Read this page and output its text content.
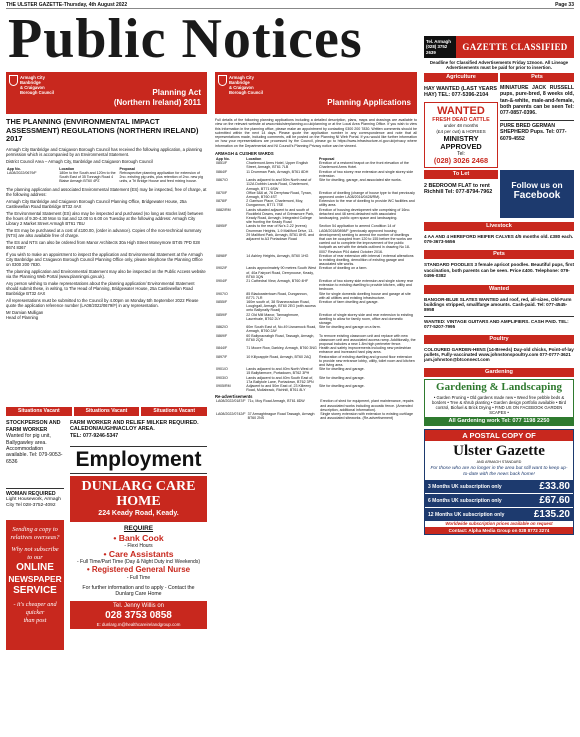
THE ULSTER GAZETTE-Thursday, 4th August 2022	Page 33
Public Notices
Armagh City
Banbridge
& Craigavon
Borough Council	Planning Act
(Northern Ireland) 2011
Armagh City
Banbridge
& Craigavon
Borough Council
Planning Applications
THE PLANNING (ENVIRONMENTAL IMPACT ASSESSMENT) REGULATIONS (NORTHERN IRELAND) 2017

Armagh City Banbridge and Craigavon Borough Council has received the following application, a planning permission which is accompanied by an Environmental Statement.

District Council Area – Armagh City, Banbridge and Craigavon Borough Council

App No.	Location	Proposal
LA08/2022/0679/F	180m to the South and 120m to the South East of 35 Tonnagh Road 4 Blaise Armagh BT60 4PZ	Retrospective planning application for extension of 2no. existing pig units, plus retention of 2no. new pig units, a Tri Bridge House and feed mixing house.

The planning application and associated Environmental Statement (ES) may be inspected, free of charge, at the following address:

Armagh City Banbridge and Craigavon Borough Council Planning Office, Bridgewater House, 25a Castlewellan Road Banbridge BT32 4AX

The Environmental Statement (ES) also may be inspected and purchased (so long as stocks last) between the hours of 9.30-4.30 Mon to Sat and 12.00 to 6.00 on Tuesday at the following address: Armagh City Library 2 Market Street Armagh BT61 7BU

The ES may be purchased at a cost of £100.00, (order in advance). Copies of the non-technical summary (NTS) are also available free of charge.

The ES and NTS can also be ordered from Manor Architects 30a High Street Moneymore BT45 7PD 028 8674 8367

If you wish to make an appointment to inspect the application and Environmental Statement at the Armagh City Banbridge and Craigavon Borough Council Planning Office only, please telephone the Planning Office on 0300 200 7830.

The planning application and Environmental Statement may also be inspected on the Public Access website via the Planning Web Portal (www.planningni.gov.uk).

Any person wishing to make representations about the planning application/ Environmental Statement should submit these, in writing, to The Head of Planning, Bridgewater House, 25a Castlewellan Road Banbridge BT32 4AX

All representations must be submitted to the Council by 4.00pm on Monday 5th September 2022 Please quote the application reference number (LA08/2022/0679/F) in any representation.

Mr Damian Mulligan

Head of Planning

Situations Vacant	Situations Vacant	Situations Vacant
STOCKPERSON AND FARM WORKER
Wanted for pig unit, Ballygawley area. Accommodation available. Tel: 079-9053-6536
WOMAN REQUIRED
Light Housework, Armagh City Tel 028-3752-4092
Sending a copy to
relatives overseas?
Why not subscribe
to our
ONLINE
NEWSPAPER
SERVICE
- it's cheaper and quicker
than post
FARM WORKER AND RELIEF MILKER REQUIRED. CALEDON/AUGHNACLOY AREA.
TEL: 077-9246-5347
Employment
DUNLARG CARE HOME
224 Keady Road, Keady.
REQUIRE
• Bank Cook
- Flexi Hours
• Care Assistants
- Full Time/Part Time (Day & Night Duty incl Weekends)
• Registered General Nurse
- Full Time
For further information and to apply - Contact the Dunlarg Care Home
Tel. Jenny Willis on
028 3753 0858
E: dunlarg.m@healthcareirelandgroup.com

Full details of the following planning applications including a detailed description, plans, maps and drawings are available to view on the relevant website at www.midulsterplanning.co.uk/planning or at the Local Area Planning Office. If you wish to view this information in the planning office, please make an appointment by contacting 0300 200 7830. Written comments should be submitted within the next 14 days. Please quote the application number in any correspondence and note that all representations made, including comments, will be posted on the Planning NI Web Portal. If you would like further information on how your representations are processed by the Council, please go to https://www.infrastructure-ni.gov.uk/privacy where information on the Departmental and NI Council's Planning Privacy notice can be viewed.

ARMAGH & CUSHER WARDS
App No.	Location	Proposal
0851/F	Charlemont Arms Hotel, Upper English Street, Armagh, BT61 7LB	Erection of a restored teapot on the front elevation of the Charlemont Arms Hotel.
0864/F	11 Drumman Park, Armagh, BT61 8DH	Erection of two storey rear extension and single storey side extension.
0867/O	Lands adjacent to and 50m North east of 112A Dobbin Lands Road, Charlemont, Armagh, BT71 6SW	Site for dwelling, garage, and associated site works.
0870/F	Office 5&6 at, 76 Derryhaw Road, Tynan, Armagh, BT60 4ST	Erection of dwelling (change of house type to that previously approved under LA08/2016/0428/RM).
0878/F	2 Garrison Place, Charlemont, Moy, Dungannon, BT71 7SE	Extension to the rear of dwelling to provide WC facilities and utility area.
0882/RM	Lands situated adjacent to and south of Rockfield Downs, east of Grimsmore Park, Keady Road, Armagh. Integrated College site fronting the Keady Road	Erection of housing development site comprising of 16no. detached and 48 semi-detached with associated landscaping, public open space and landscaping.
0895/F	Lands to the rear of No's 2-22 (evens) Drumman Heights, 1-9 Mallifont Drive, 13-29 Mallifont Park, Armagh, BT61 8HS. and adjacent to A3 Portadown Road	Section 54 application to amend Condition 14 of LA08/2018/0898/F (previously approved housing development) seeking to amend the number of dwellings that can be occupied from 120 to 155 before the works are carried out to complete the improvement of the public footpath as set with the details outlined in drawing No 18-0007 Revision P04 dated October 2016.
0898/F	14 Ashley Heights, Armagh, BT60 1HG	Erection of rear extension with internal / external alterations to existing dwelling, demolition of existing garage and associated site works.
0902/F	Lands approximately 90 metres South West of, 40a Fairport Road, Derrynoose, Keady, BT60 3QN	Erection of dwelling on a farm.
0904/F	21 Cathedral View, Armagh, BT60 4HF	Erection of two storey side extension and single storey rear extension to existing dwelling to provide kitchen, utility and bedroom.
0907/O	85 Blackwatertown Road, Dungannon, BT71 7LR	Site for single domestic dwelling house and garage at site with all utilities and existing infrastructure.
0855/F	160m south of, 38 Shanecrackan Road, Loughgall, Armagh, BT60 2EG (with access onto Ballynally Road)	Erection of farm dwelling and garage.
0859/F	22 Old Mill Manor, Tannaghmore, Laurelvale, BT62 2LY	Erection of single storey side and rear extension to existing dwelling to allow for family room, office and domestic storage.
0862/O	60m South East of, No.49 Lisnamock Road, Armagh, BT60 2AY	Site for dwelling and garage on a farm.
0869/F	60 Ballynacrabgh Road, Tassagh, Armagh, BT60 2QS	To remove existing classroom unit and replace with new classroom unit and associated access ramp. Additionally, the proposal includes a new 1.8m high perimeter fence.
0844/F	71 Moore Row, Darkley, Armagh, BT60 3NG	Health and safety improvements including new pedestrian entrance and increased hard play area.
0897/F	10 Killycapple Road, Armagh, BT60 2AQ	Restoration of existing dwelling and ground floor extension to provide new entrance lobby, utility, toilet room and kitchen and living area.
0901/O	Lands adjacent to and 40m North West of 15 Ballyfarmore, Portadown, BT62 3PH	Site for dwelling and garage.
0903/O	Lands adjacent to and 40m South East of, 17a Ballytole Lane, Portadown, BT62 3PN	Site for dwelling and garage.
0905/RM	Adjacent to and 50m East of, 23 Killeeny Road, Mullabrack, Richhill, BT61 8LY	Site for dwelling and garage.
Re-advertisements
LA08/2022/0187/F	71c, Moy Road Armagh, BT61 8DW	Erection of shed for equipment, plant maintenance, repairs and associated works including acoustic fence. (Amended description, additional information).
LA08/2022/0742/F	37 Armaghbrague Road Tassagh, Armagh BT60 2NS	Single storey extension with extension to existing curtilage and associated siteworks. (Re-advertisement)
Tel. Armagh
(028) 3752 2639
GAZETTE CLASSIFIED
Deadline for Classified Advertisements Friday 12noon. All Lineage Advertisements must be paid for prior to insertion.
Agriculture
HAY WANTED (LAST YEARS HAY) TEL: 077-5396-2104
WANTED
FRESH DEAD CATTLE
under 48 months
(£4 per cwt) & HORSES
MINISTRY
APPROVED
Tel:
(028) 3026 2468
Pets
MINIATURE JACK RUSSELL pups, pure-bred, 8 weeks old, tan-&-white, male-and-female, both parents can be seen Tel: 077-0857-0396.
PURE BRED GERMAN SHEPHERD Pups. Tel: 077-6079-4552
To Let
2 BEDROOM FLAT to rent Richhill Tel: 077-8794-7962
Follow us on
Facebook
Livestock
4 AA AND 4 HEREFORD HEIFER CALVES 4/5 months old. £380 each. 079-3673-5656
Pets
STANDARD POODLES 3 female apricot poodles. Beautiful pups, first vaccination, both parents can be seen. Price £400. Telephone: 079-0496-0382
Wanted
BANGOR-BLUE SLATES WANTED and roof, red, all-sizes, Old-Farm buildings stripped, smallfarge amounts. Cash-paid. Tel: 077-4545-8958
WANTED: VINTAGE GUITARS AND AMPLIFIERS. CASH PAID. TEL: 077-5207-7995
Poultry
COLOURED GARDEN-HENS (14-Breeds) Day-old chicks, Point-of-lay pullets, Fully-vaccinated www.johnstonspoultry.com 077-0777-3621 jam.johnston@btconnect.com
Gardening
Gardening & Landscaping
• Garden Pruning • Old gardens made new • Weed free pebble beds & borders • Tree & shrub planting • Garden design portfolio available • Bird control, Biofuel & Brick Drying • FIND US ON FACEBOOK GARDEN SCAPES •
All Gardening work Tel: 077 1198 2250
A POSTAL COPY OF
Ulster Gazette
AND ARMAGH STANDARD
For those who are no longer in the area but still want to keep up-to-date with the news back home!
3 Months UK subscription only	£33.80
6 Months UK subscription only	£67.60
12 Months UK subscription only	£135.20
Worldwide subscription prices available on request
Contact: Alpha Media Group on 028 8772 2274
